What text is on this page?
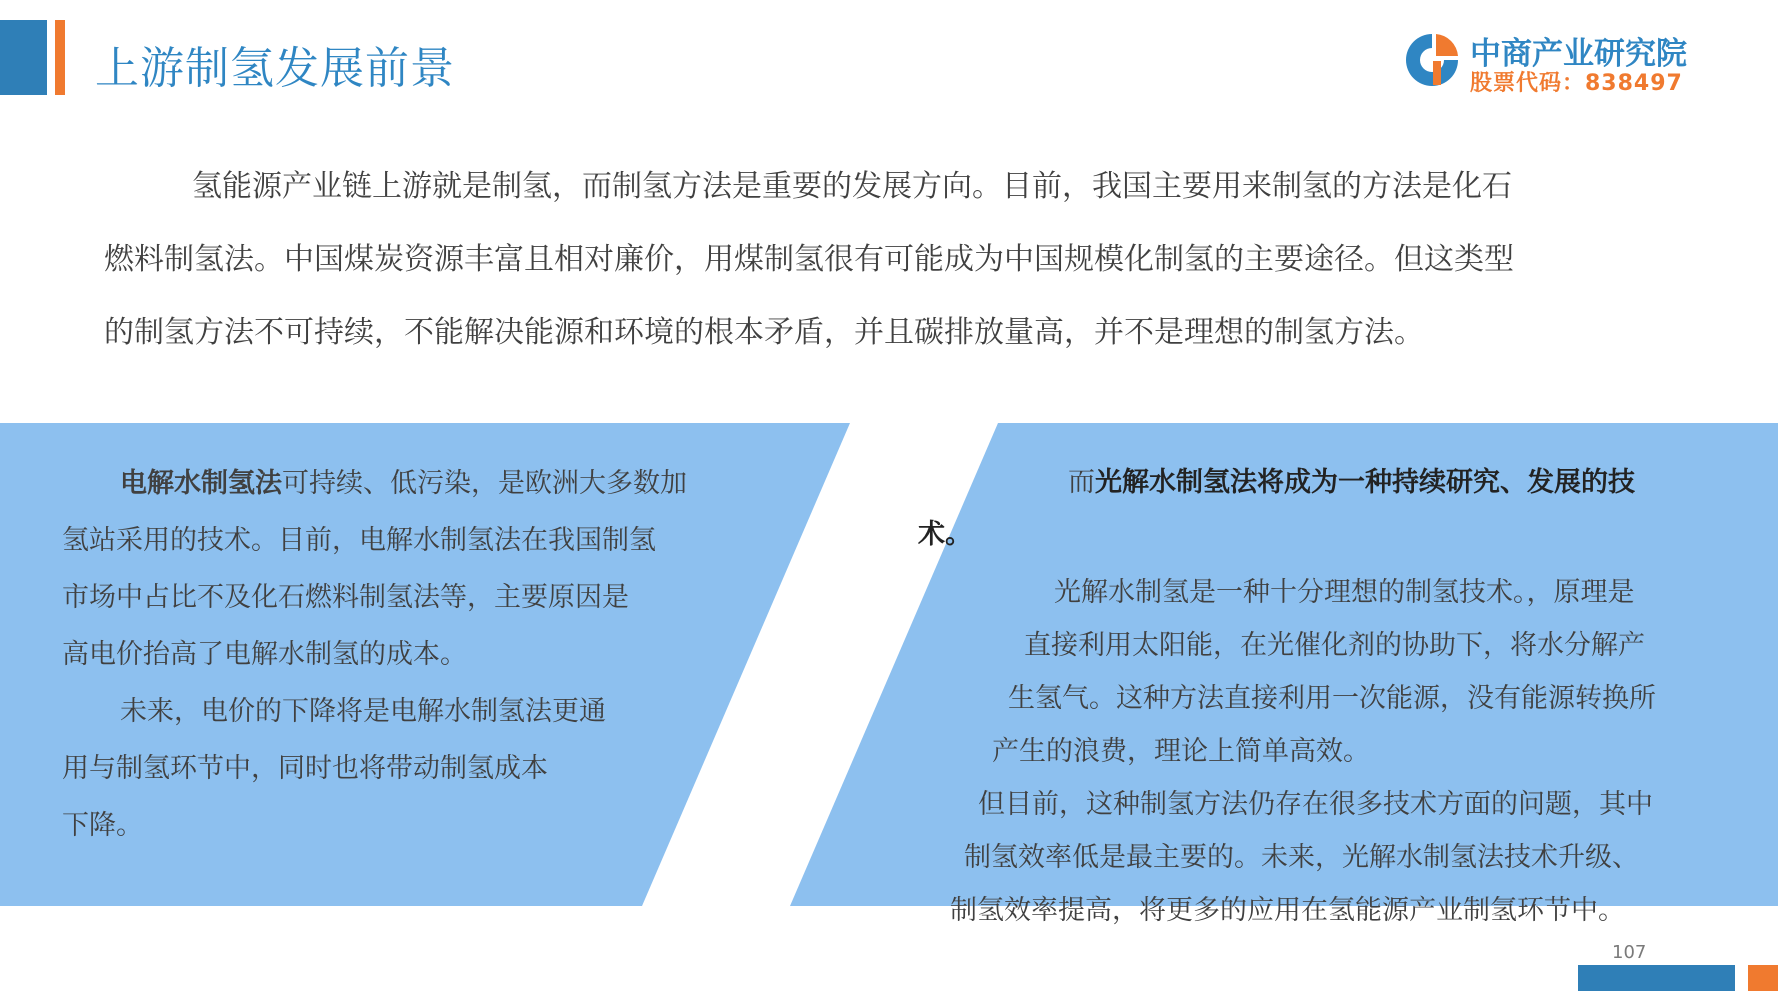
上游制氢发展前景	中商产业研究院
股票代码：838497

氢能源产业链上游就是制氢，而制氢方法是重要的发展方向。目前，我国主要用来制氢的方法是化石

燃料制氢法。中国煤炭资源丰富且相对廉价，用煤制氢很有可能成为中国规模化制氢的主要途径。但这类型
的制氢方法不可持续，不能解决能源和环境的根本矛盾，并且碳排放量高，并不是理想的制氢方法。

电解水制氢法可持续、低污染，是欧洲大多数加

氢站采用的技术。目前，电解水制氢法在我国制氢

市场中占比不及化石燃料制氢法等，主要原因是

高电价抬高了电解水制氢的成本。

未来，电价的下降将是电解水制氢法更通

用与制氢环节中，同时也将带动制氢成本

下降。

而光解水制氢法将成为一种持续研究、发展的技
术。
光解水制氢是一种十分理想的制氢技术。，原理是
直接利用太阳能，在光催化剂的协助下，将水分解产
生氢气。这种方法直接利用一次能源，没有能源转换所
产生的浪费，理论上简单高效。
但目前，这种制氢方法仍存在很多技术方面的问题，其中
制氢效率低是最主要的。未来，光解水制氢法技术升级、
制氢效率提高，将更多的应用在氢能源产业制氢环节中。
107
